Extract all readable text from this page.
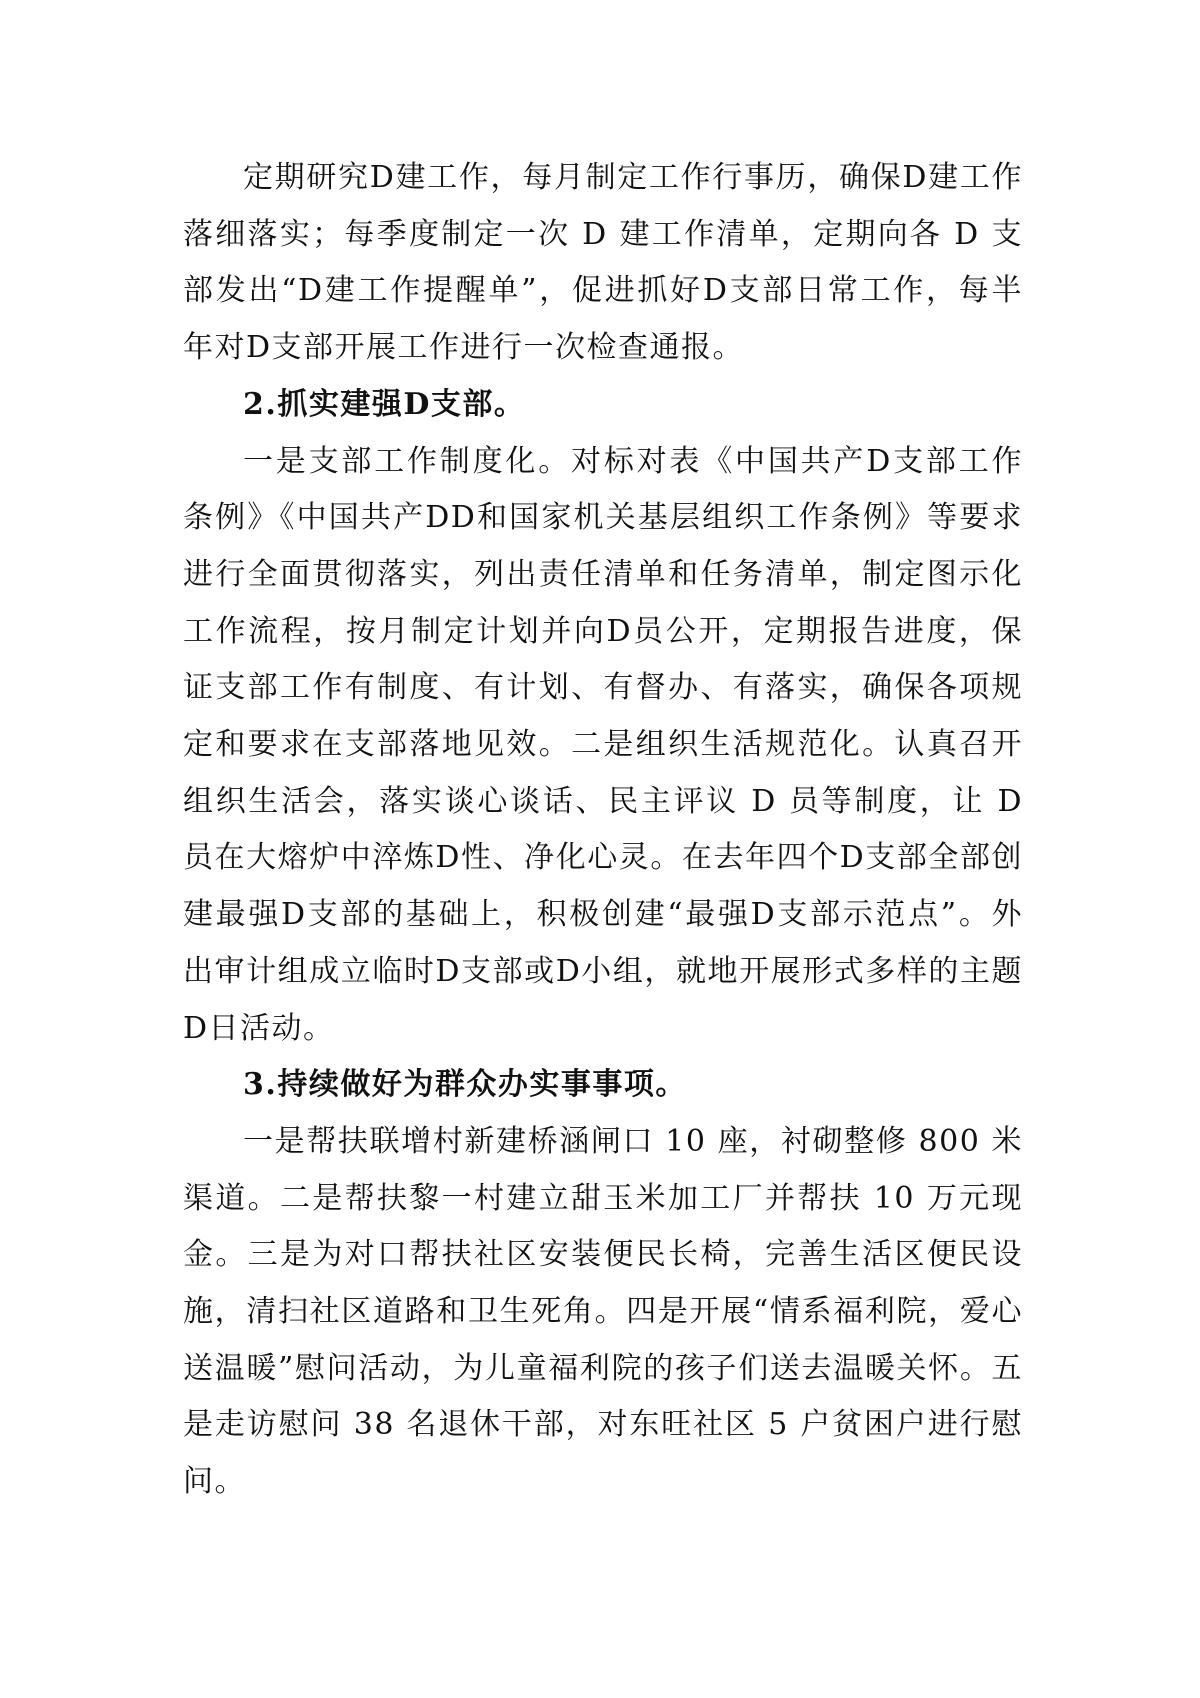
定期研究D建工作，每月制定工作行事历，确保D建工作落细落实；每季度制定一次 D 建工作清单，定期向各 D 支部发出“D建工作提醒单”，促进抓好D支部日常工作，每半年对D支部开展工作进行一次检查通报。

2.抓实建强D支部。

一是支部工作制度化。对标对表《中国共产D支部工作条例》《中国共产DD和国家机关基层组织工作条例》等要求进行全面贯彻落实，列出责任清单和任务清单，制定图示化工作流程，按月制定计划并向D员公开，定期报告进度，保证支部工作有制度、有计划、有督办、有落实，确保各项规定和要求在支部落地见效。二是组织生活规范化。认真召开组织生活会，落实谈心谈话、民主评议 D 员等制度，让 D 员在大熔炉中淬炼D性、净化心灵。在去年四个D支部全部创建最强D支部的基础上，积极创建“最强D支部示范点”。外出审计组成立临时D支部或D小组，就地开展形式多样的主题D日活动。

3.持续做好为群众办实事事项。

一是帮扶联增村新建桥涵闸口 10 座，衬砌整修 800 米渠道。二是帮扶黎一村建立甜玉米加工厂并帮扶 10 万元现金。三是为对口帮扶社区安装便民长椅，完善生活区便民设施，清扫社区道路和卫生死角。四是开展“情系福利院，爱心送温暖”慰问活动，为儿童福利院的孩子们送去温暖关怀。五是走访慰问 38 名退休干部，对东旺社区 5 户贫困户进行慰问。
